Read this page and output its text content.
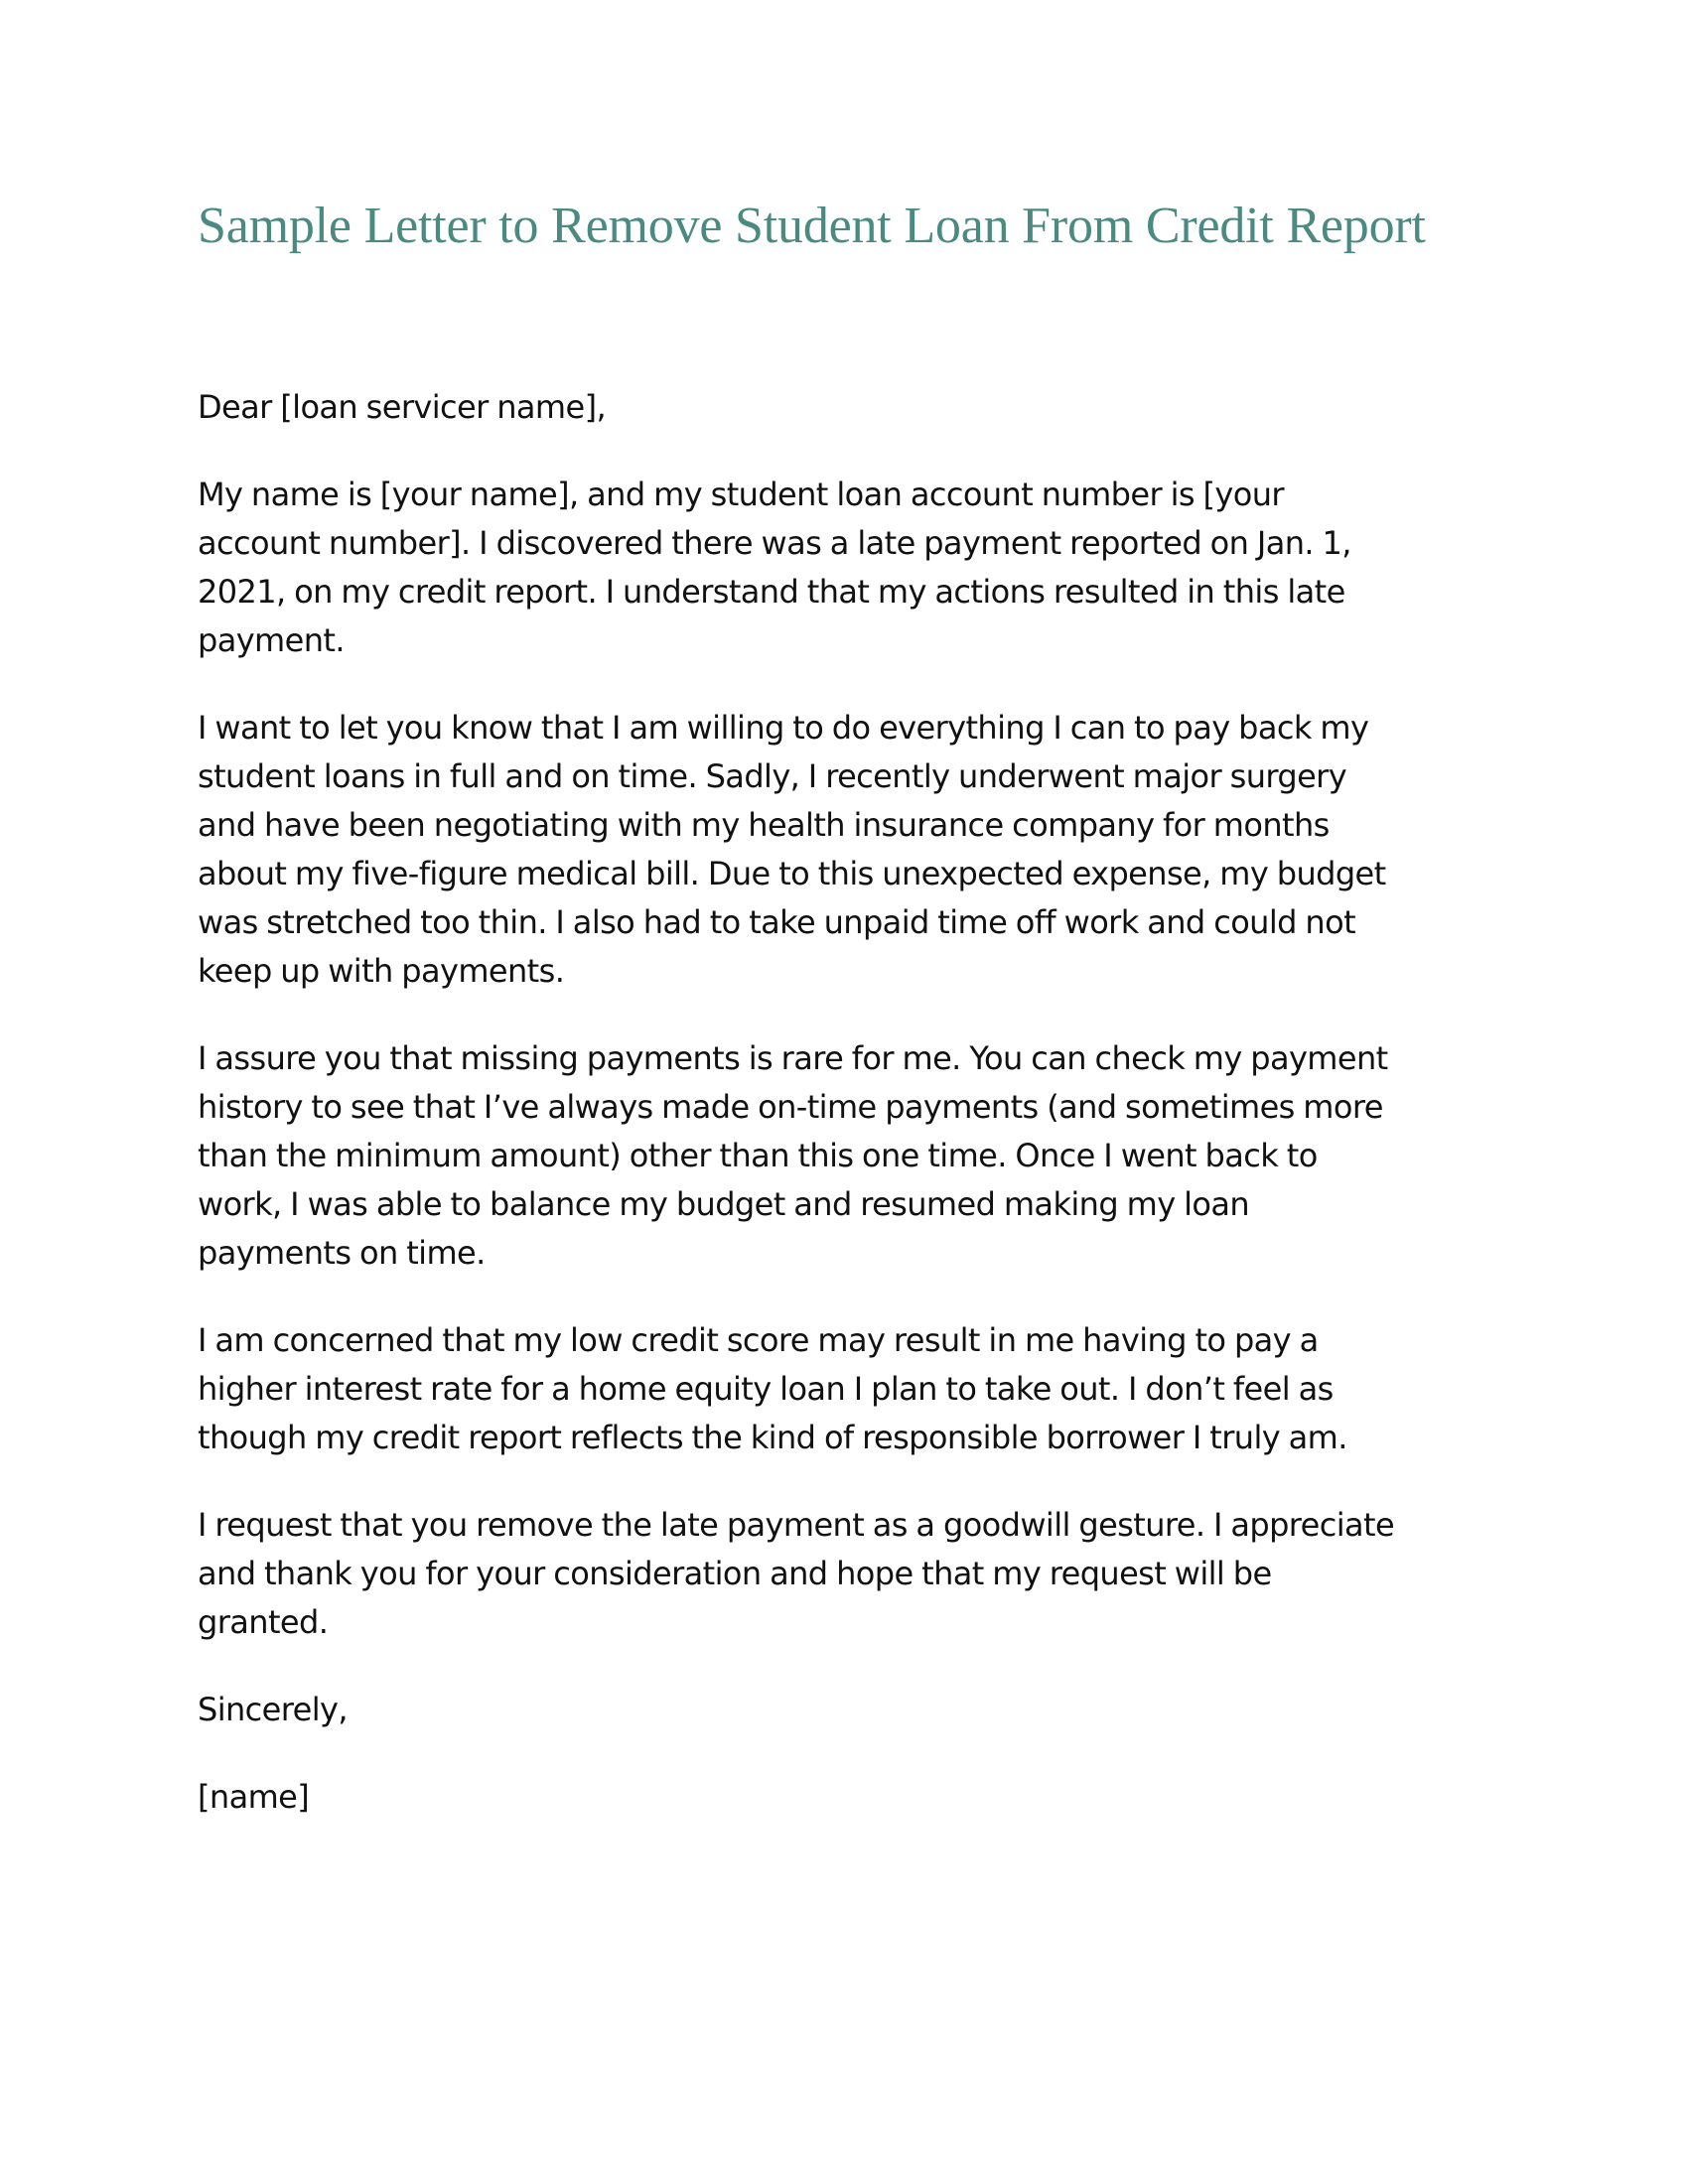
Sample Letter to Remove Student Loan From Credit Report

Dear [loan servicer name],

My name is [your name], and my student loan account number is [your
account number]. I discovered there was a late payment reported on Jan. 1,
2021, on my credit report. I understand that my actions resulted in this late
payment.

I want to let you know that I am willing to do everything I can to pay back my
student loans in full and on time. Sadly, I recently underwent major surgery
and have been negotiating with my health insurance company for months
about my five-figure medical bill. Due to this unexpected expense, my budget
was stretched too thin. I also had to take unpaid time off work and could not
keep up with payments.

I assure you that missing payments is rare for me. You can check my payment
history to see that I’ve always made on-time payments (and sometimes more
than the minimum amount) other than this one time. Once I went back to
work, I was able to balance my budget and resumed making my loan
payments on time.

I am concerned that my low credit score may result in me having to pay a
higher interest rate for a home equity loan I plan to take out. I don’t feel as
though my credit report reflects the kind of responsible borrower I truly am.

I request that you remove the late payment as a goodwill gesture. I appreciate
and thank you for your consideration and hope that my request will be
granted.

Sincerely,

[name]
